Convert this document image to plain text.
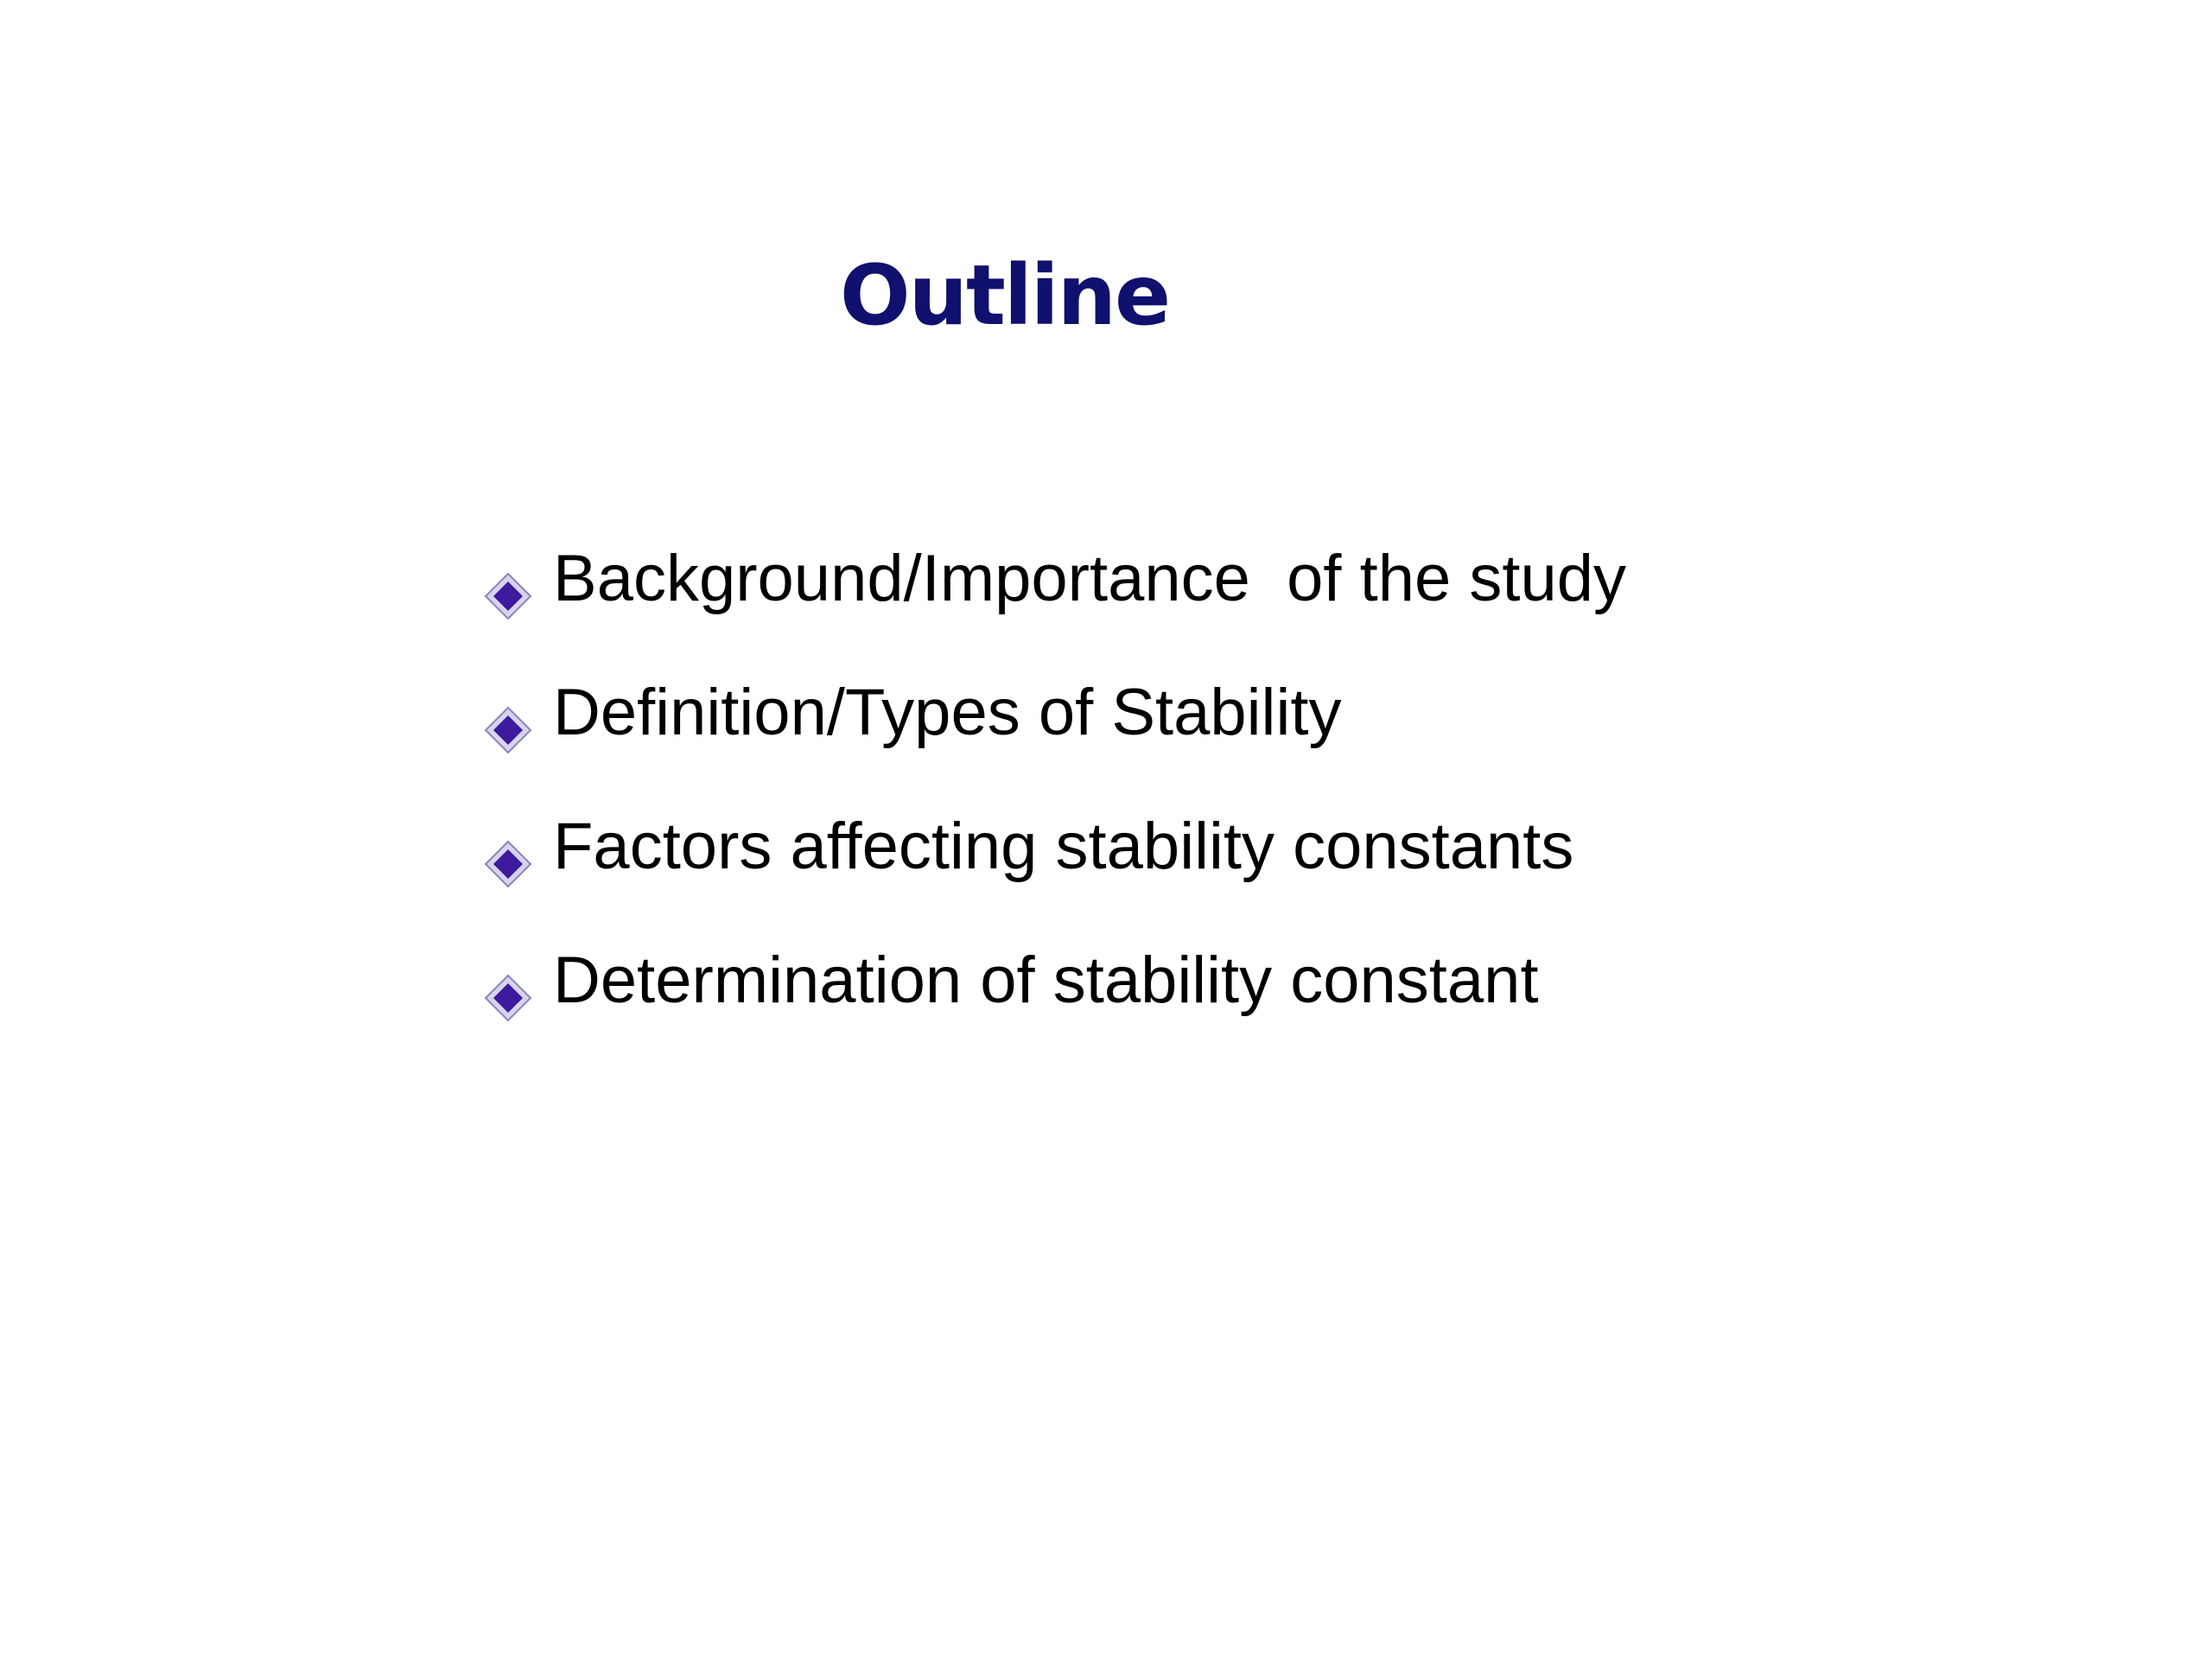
Outline
Background/Importance  of the study
Definition/Types of Stability
Factors affecting stability constants
Determination of stability constant
